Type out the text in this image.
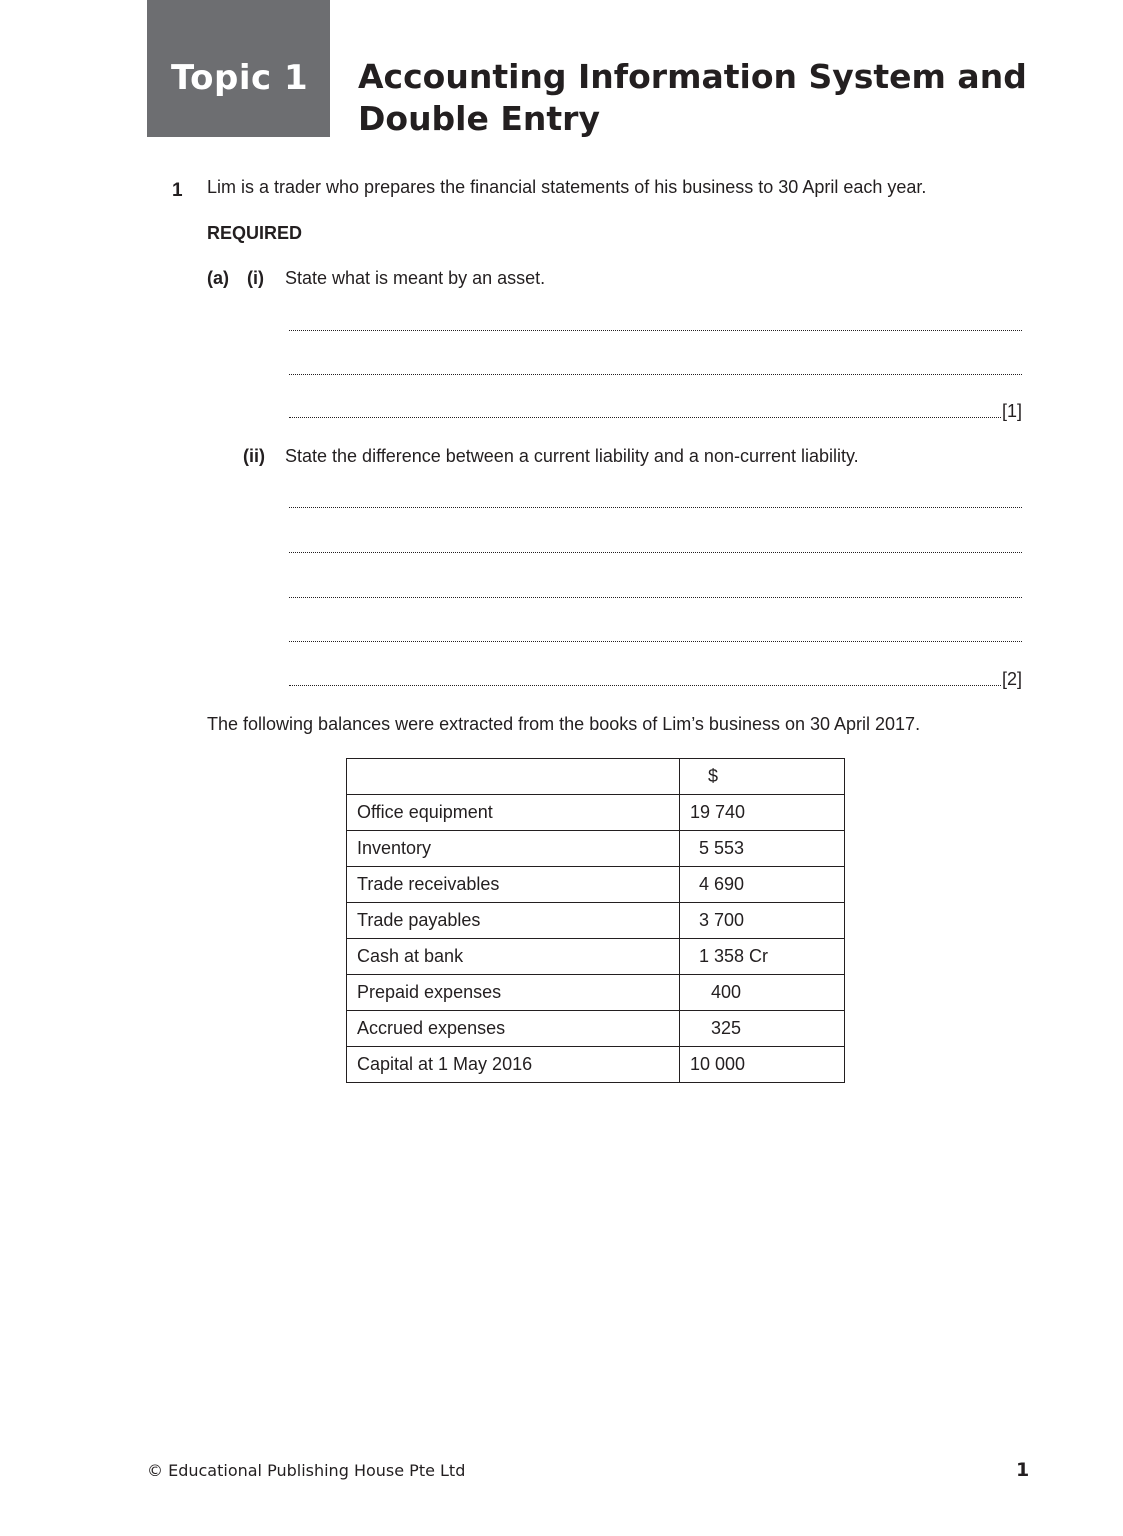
Topic 1	Accounting Information System and
Double Entry
1 Lim is a trader who prepares the financial statements of his business to 30 April each year.
REQUIRED
(a) (i) State what is meant by an asset.
[1]
(ii) State the difference between a current liability and a non-current liability.
[2]
The following balances were extracted from the books of Lim’s business on 30 April 2017.
	$
Office equipment	19 740
Inventory	5 553
Trade receivables	4 690
Trade payables	3 700
Cash at bank	1 358 Cr
Prepaid expenses	400
Accrued expenses	325
Capital at 1 May 2016	10 000
© Educational Publishing House Pte Ltd	1
